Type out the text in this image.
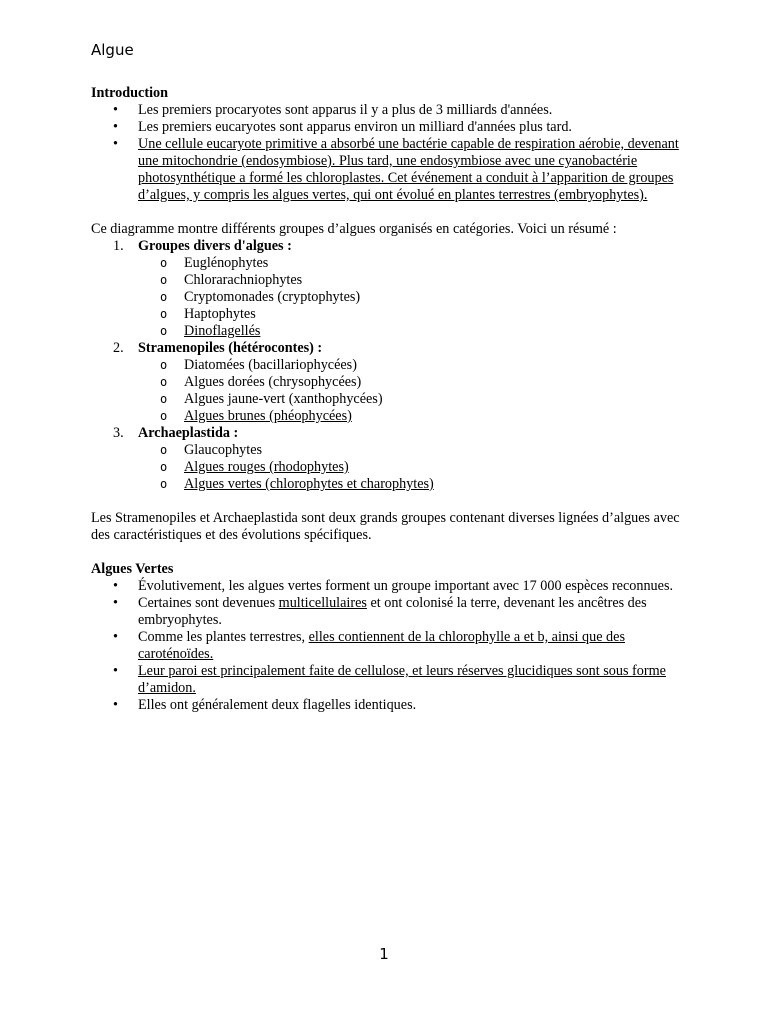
Algue
Introduction
• Les premiers procaryotes sont apparus il y a plus de 3 milliards d'années.
• Les premiers eucaryotes sont apparus environ un milliard d'années plus tard.
• Une cellule eucaryote primitive a absorbé une bactérie capable de respiration aérobie, devenant une mitochondrie (endosymbiose). Plus tard, une endosymbiose avec une cyanobactérie photosynthétique a formé les chloroplastes. Cet événement a conduit à l’apparition de groupes d’algues, y compris les algues vertes, qui ont évolué en plantes terrestres (embryophytes).

Ce diagramme montre différents groupes d’algues organisés en catégories. Voici un résumé :

1. Groupes divers d'algues :
o Euglénophytes
o Chlorarachniophytes
o Cryptomonades (cryptophytes)
o Haptophytes
o Dinoflagellés
2. Stramenopiles (hétérocontes) :
o Diatomées (bacillariophycées)
o Algues dorées (chrysophycées)
o Algues jaune-vert (xanthophycées)
o Algues brunes (phéophycées)
3. Archaeplastida :
o Glaucophytes
o Algues rouges (rhodophytes)
o Algues vertes (chlorophytes et charophytes)

Les Stramenopiles et Archaeplastida sont deux grands groupes contenant diverses lignées d’algues avec des caractéristiques et des évolutions spécifiques.

Algues Vertes
• Évolutivement, les algues vertes forment un groupe important avec 17 000 espèces reconnues.
• Certaines sont devenues multicellulaires et ont colonisé la terre, devenant les ancêtres des embryophytes.
• Comme les plantes terrestres, elles contiennent de la chlorophylle a et b, ainsi que des caroténoïdes.
• Leur paroi est principalement faite de cellulose, et leurs réserves glucidiques sont sous forme d’amidon.
• Elles ont généralement deux flagelles identiques.
1
